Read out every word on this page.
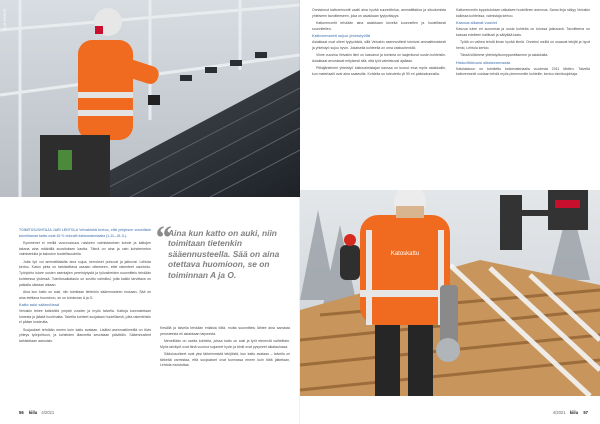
KLM KOHDE

TOIMITUSJOHTAJA JARI LEHTOLA Veivakinkä kertoo, että yrityksen vuosittain toimittamat katto-ovat 40 % tekevät kattomateriaalia (1.11.–31.3.).

Kymmenet ei meillä vuorovaisuus ruiskeen valmistaminen kohde ja kattojen takana aina määrällä suosituksen kautta. Tämä on aina ja vain kohdennetun valmistelulla ja kaluston huolellisuudella.

Jotta työ voi ammattilaisilta aina sujua, kerrokset puhuvat ja jatkuvat. Lehtola kertoo. Katon pinta on tarkistettava useaan otteeseen, ettei rakenteet vaurioidu. Työnjohto tukee uusien asentajien perehdytystä ja työvaiheiden suunnittelu tehdään kohteessa yhdessä. Toimitusaikataulu on sovittu valmiiksi, jotta kaikki tarvittava on paikalla oikeaan aikaan.

Aina kun katto on auki, niin toimitaan tietenkin sääennusteen mukaan. Sää on aina etettava huomioon, se on toiminnan A ja O.

Katto auki säännöissä

Veivakin tekee kattotöitä ympäri vuoden ja myös talvella. Kattoja kunnostetaan lumesta ja jäästä huolimatta. Talvella kohteet suojataan huolellisesti, jotta rakenteisiin ei pääse kosteutta.

Suojaukset tehdään ennen kuin katto avataan. Lisäksi asennustiimeillä on tiivis yhteys työnjohtoon, ja kohteiden tilannetta seurataan päivittäin. Sääennusteet tarkistetaan aamuisin.

“
Aina kun katto on auki, niin toimitaan tietenkin sääennusteella. Sää on aina otettava huomioon, se on toiminnan A ja O.

Kesällä ja talvella tehdään erilaisia töitä, mutta suunnittelu lähtee aina samasta perusteesta eli asiakkaan tarpeesta.

Meneillään on useita kohteita, joissa katto on auki ja työt etenevät vaiheittain. Myös talvityöt ovat tänä vuonna sujuneet hyvin ja tiimit ovat pysyneet aikataulussa.

Sääolosuhteet ovat yksi tärkeimmistä tekijöistä, kun katto avataan – talvella on tärkeää varmistaa, että suojaukset ovat kunnossa ennen kuin töitä jatketaan, Lehtola muistuttaa.

56 kiilu 4/2021

Onnistunut kattoremontti vaatii aina hyvää suunnittelua, ammattitaitoa ja sitoutumista yhteiseen tavoitteeseen, joka on asiakkaan tyytyväisyys.

Kattoremontit tehdään aina asiakkaan toiveita kuunnellen ja huolellisesti suunnitellen.

Kattoremontti sujuu yhteistyöllä

Asiakkaat ovat olleet tyytyväisiä, sillä Veivakin asennustiimit toimivat ammattimaisesti ja yhteistyö sujuu hyvin. Jokaisella kohteella on oma vastuuhenkilö.

Viime vuosina Veivakin tiimi on kasvanut ja toiminta on laajentunut uusiin kohteisiin. Asiakkaat arvostavat erityisesti sitä, että työt valmistuvat ajallaan.

Pitkäjänteinen yhteistyö kattovalmistajan kanssa on tuonut etua myös asiakkaille, kun materiaalit ovat aina saatavilla. Kohteita on toteutettu yli 50 eri paikkakunnalla.

Kattoremontin lopputuloksen ratkaisee huolellinen asennus. Sama linja näkyy Veivakin kaikissa kohteissa, valmistaja kertoo.

Kasvua alkavat vuodet

Kasvua tulee eri suunnista ja uusia kohteita on tulossa jatkuvasti. Tavoitteena on kasvaa edelleen hallitusti ja säilyttää laatu.

Työtä on vaikea tehdä ilman hyvää tiimiä. Onneksi meillä on osaavat tekijät ja hyvä henki, Lehtola kertoo.

Tässä kiitämme yhteistyökumppaneitamme ja asiakkaita.

Historiikkiuusi aikaisemmasta

Katolaskuun on toimitettu kattomateriaalia vuodesta 2011 lähtien. Talvella kattoremontit voidaan tehdä myös pienemmille kohteille, kertoo toimitusjohtaja.

Katoskattu
4/2021 kiilu 57
